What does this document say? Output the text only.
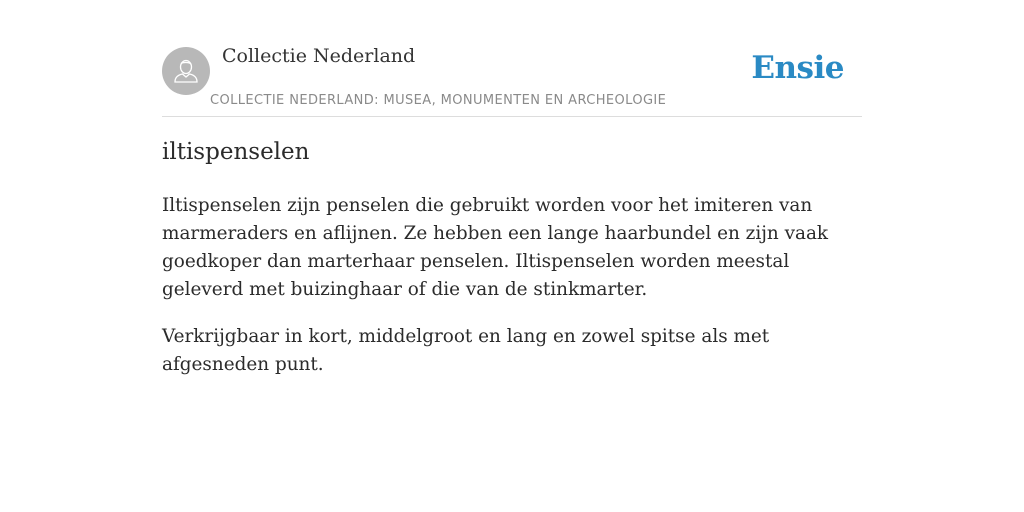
Collectie Nederland
COLLECTIE NEDERLAND: MUSEA, MONUMENTEN EN ARCHEOLOGIE
Ensie
iltispenselen

Iltispenselen zijn penselen die gebruikt worden voor het imiteren van marmeraders en aflijnen. Ze hebben een lange haarbundel en zijn vaak goedkoper dan marterhaar penselen. Iltispenselen worden meestal geleverd met buizinghaar of die van de stinkmarter.

Verkrijgbaar in kort, middelgroot en lang en zowel spitse als met afgesneden punt.
